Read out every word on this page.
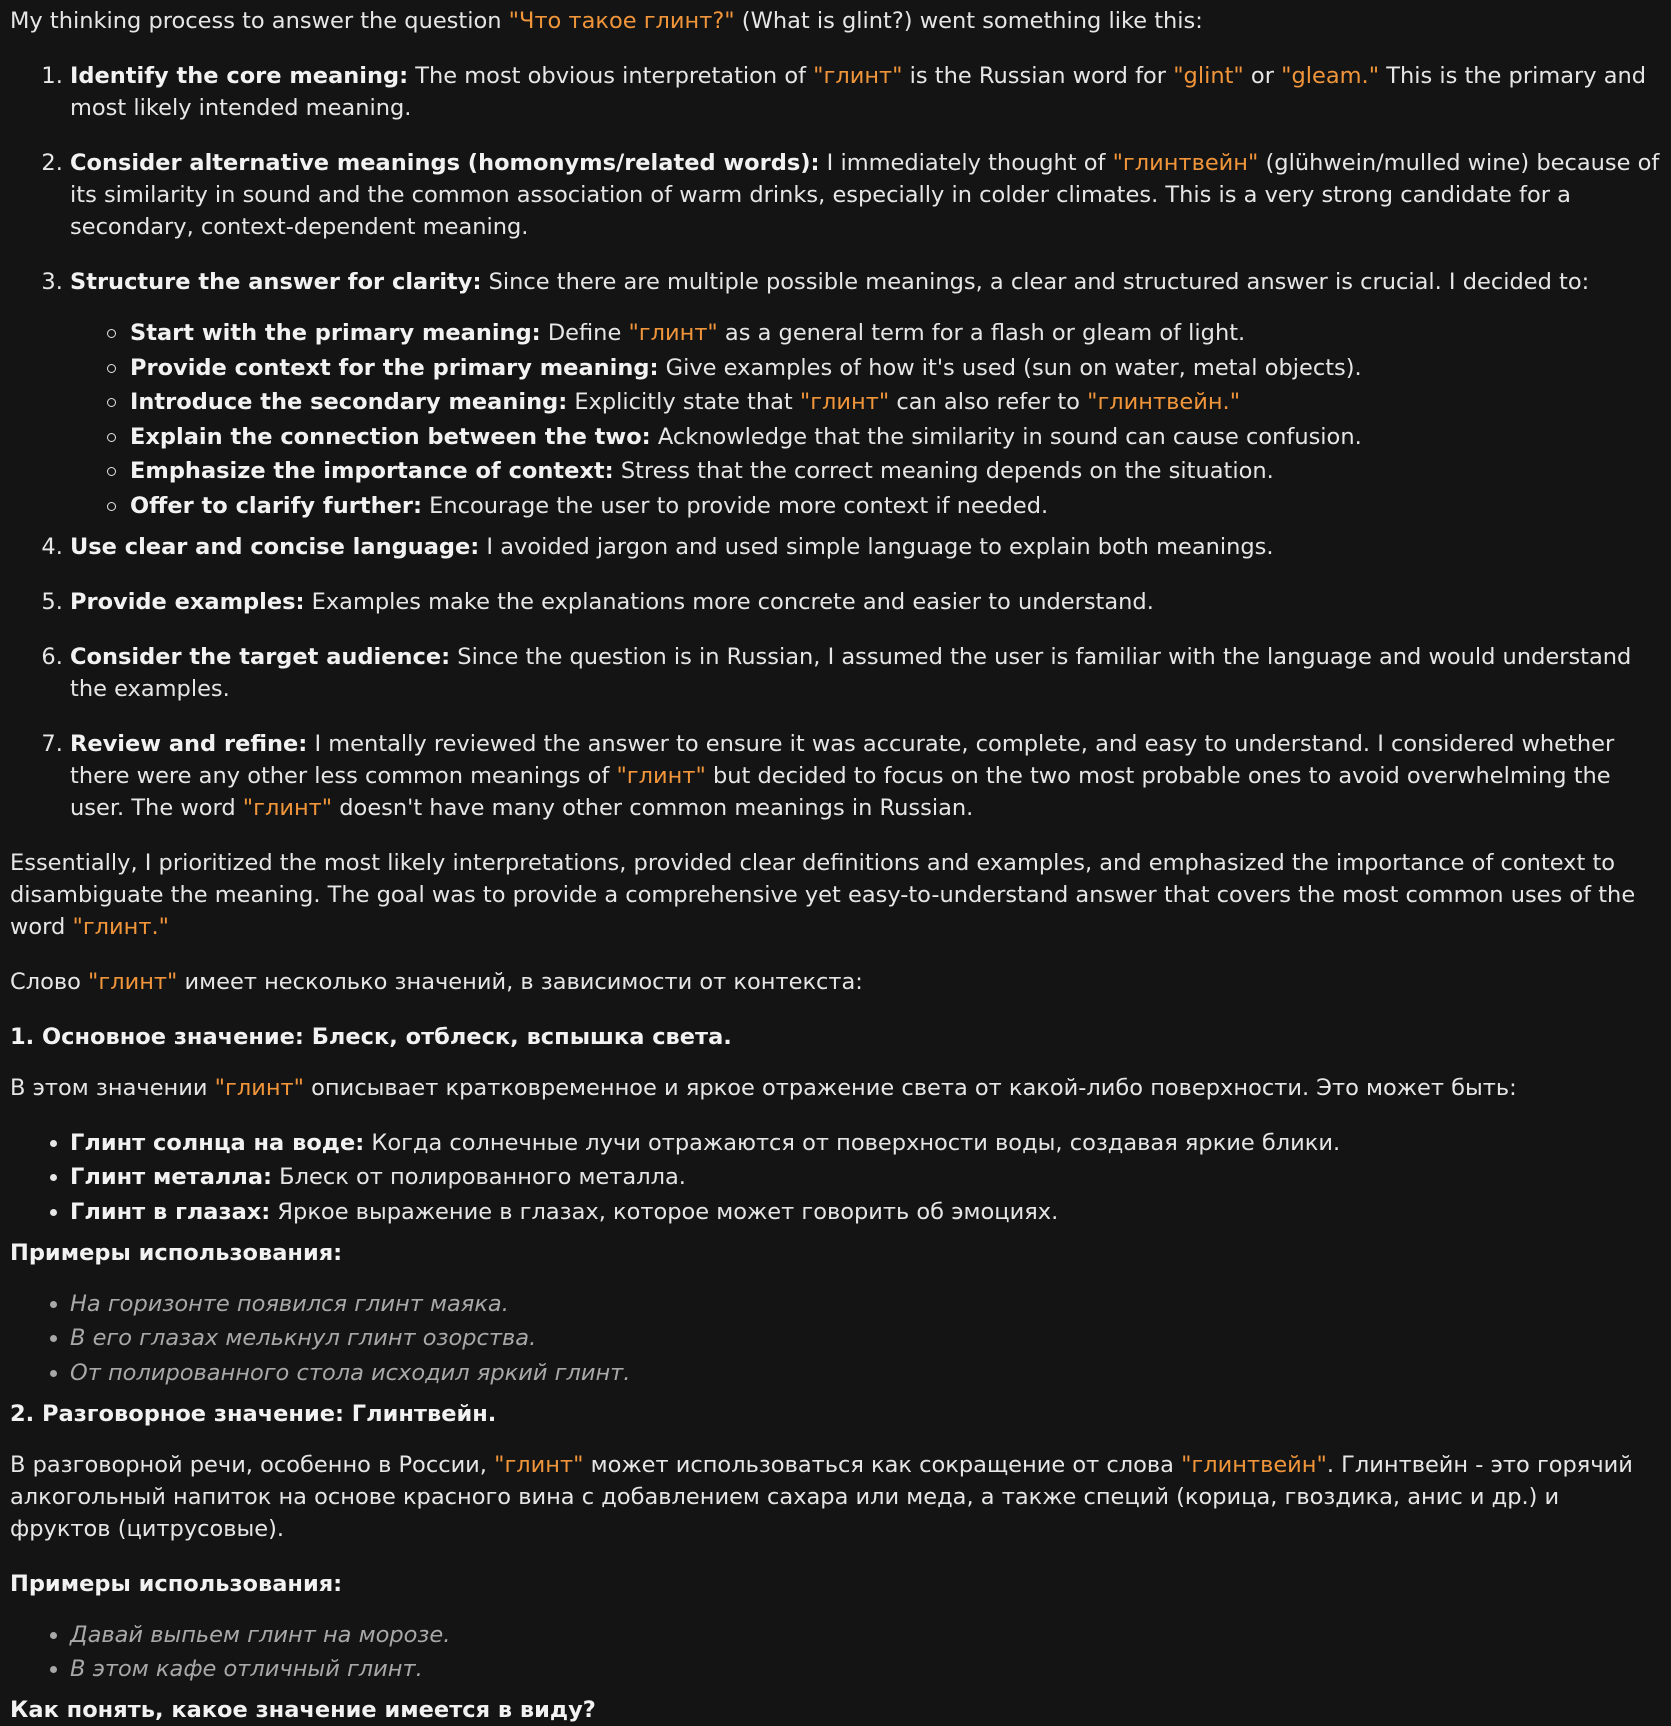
My thinking process to answer the question "Что такое глинт?" (What is glint?) went something like this:

1. Identify the core meaning: The most obvious interpretation of "глинт" is the Russian word for "glint" or "gleam." This is the primary and most likely intended meaning.
2. Consider alternative meanings (homonyms/related words): I immediately thought of "глинтвейн" (glühwein/mulled wine) because of its similarity in sound and the common association of warm drinks, especially in colder climates. This is a very strong candidate for a secondary, context-dependent meaning.
3. Structure the answer for clarity: Since there are multiple possible meanings, a clear and structured answer is crucial. I decided to:
Start with the primary meaning: Define "глинт" as a general term for a flash or gleam of light.
Provide context for the primary meaning: Give examples of how it's used (sun on water, metal objects).
Introduce the secondary meaning: Explicitly state that "глинт" can also refer to "глинтвейн."
Explain the connection between the two: Acknowledge that the similarity in sound can cause confusion.
Emphasize the importance of context: Stress that the correct meaning depends on the situation.
Offer to clarify further: Encourage the user to provide more context if needed.
4. Use clear and concise language: I avoided jargon and used simple language to explain both meanings.
5. Provide examples: Examples make the explanations more concrete and easier to understand.
6. Consider the target audience: Since the question is in Russian, I assumed the user is familiar with the language and would understand the examples.
7. Review and refine: I mentally reviewed the answer to ensure it was accurate, complete, and easy to understand. I considered whether there were any other less common meanings of "глинт" but decided to focus on the two most probable ones to avoid overwhelming the user. The word "глинт" doesn't have many other common meanings in Russian.

Essentially, I prioritized the most likely interpretations, provided clear definitions and examples, and emphasized the importance of context to disambiguate the meaning. The goal was to provide a comprehensive yet easy-to-understand answer that covers the most common uses of the word "глинт."

Слово "глинт" имеет несколько значений, в зависимости от контекста:

1. Основное значение: Блеск, отблеск, вспышка света.

В этом значении "глинт" описывает кратковременное и яркое отражение света от какой-либо поверхности. Это может быть:

Глинт солнца на воде: Когда солнечные лучи отражаются от поверхности воды, создавая яркие блики.
Глинт металла: Блеск от полированного металла.
Глинт в глазах: Яркое выражение в глазах, которое может говорить об эмоциях.

Примеры использования:

На горизонте появился глинт маяка.
В его глазах мелькнул глинт озорства.
От полированного стола исходил яркий глинт.

2. Разговорное значение: Глинтвейн.

В разговорной речи, особенно в России, "глинт" может использоваться как сокращение от слова "глинтвейн". Глинтвейн - это горячий алкогольный напиток на основе красного вина с добавлением сахара или меда, а также специй (корица, гвоздика, анис и др.) и фруктов (цитрусовые).

Примеры использования:

Давай выпьем глинт на морозе.
В этом кафе отличный глинт.

Как понять, какое значение имеется в виду?
